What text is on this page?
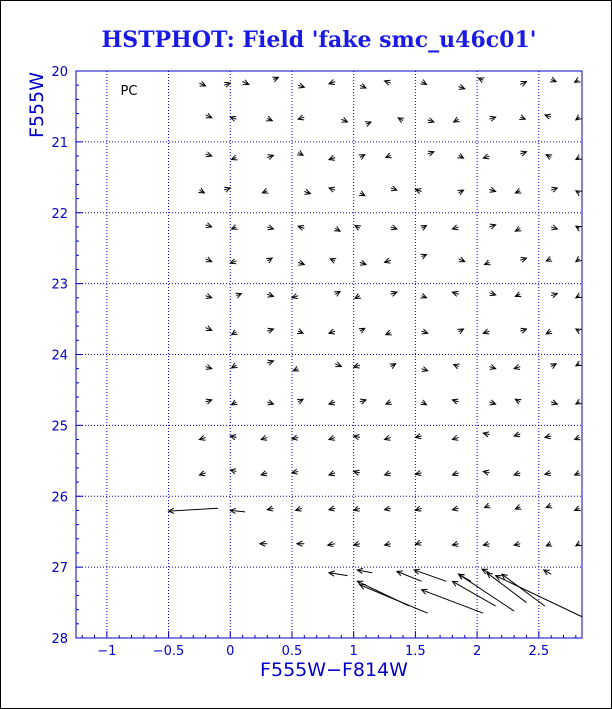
HSTPHOT: Field 'fake smc_u46c01'
−1	−0.5	0	0.5	1	1.5	2	2.5
20
21
22
23
24
25
26
27
28
PC
F555W−F814W
F555W
